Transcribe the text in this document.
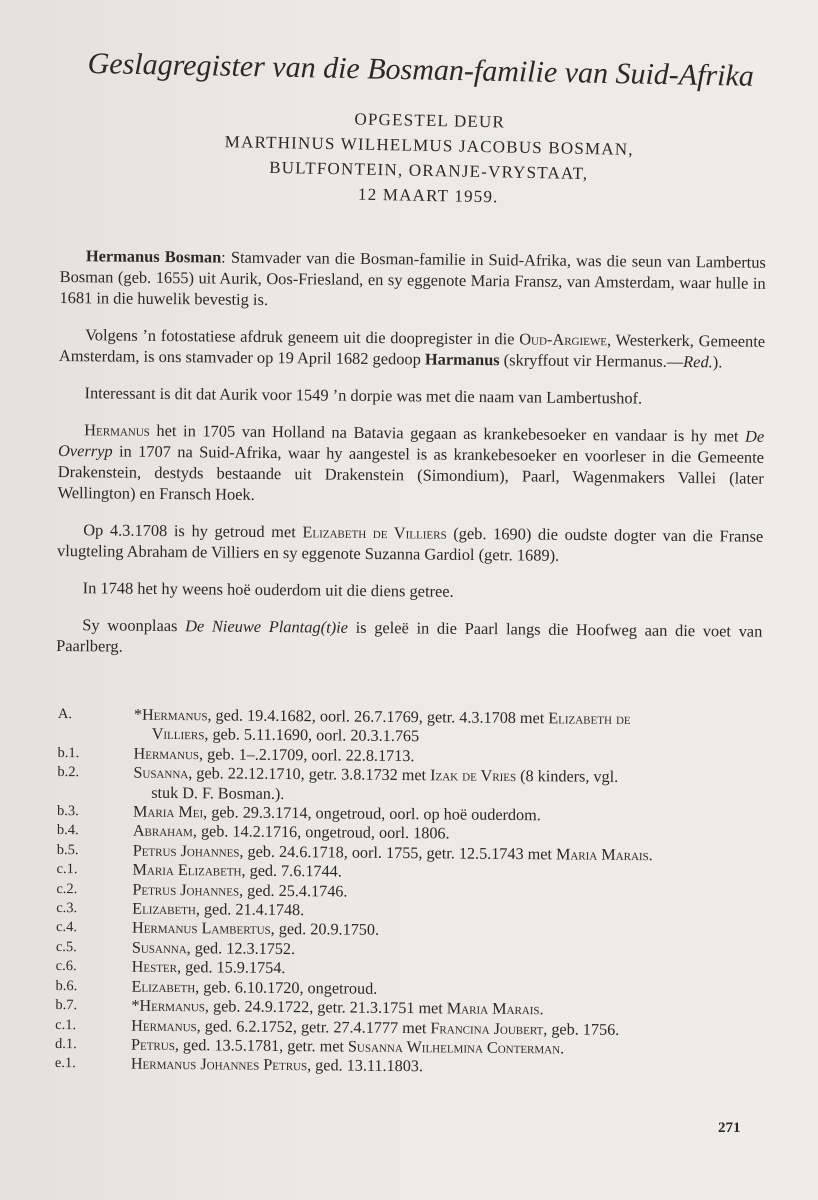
Geslagregister van die Bosman-familie van Suid-Afrika
OPGESTEL DEUR
MARTHINUS WILHELMUS JACOBUS BOSMAN,
BULTFONTEIN, ORANJE-VRYSTAAT,
12 MAART 1959.

Hermanus Bosman: Stamvader van die Bosman-familie in Suid-Afrika, was die seun van Lambertus Bosman (geb. 1655) uit Aurik, Oos-Friesland, en sy eggenote Maria Fransz, van Amsterdam, waar hulle in 1681 in die huwelik bevestig is.

Volgens ’n fotostatiese afdruk geneem uit die doopregister in die Oud-Argiewe, Westerkerk, Gemeente Amsterdam, is ons stamvader op 19 April 1682 gedoop Harmanus (skryffout vir Hermanus.—Red.).

Interessant is dit dat Aurik voor 1549 ’n dorpie was met die naam van Lambertushof.

Hermanus het in 1705 van Holland na Batavia gegaan as krankebesoeker en vandaar is hy met De Overryp in 1707 na Suid-Afrika, waar hy aangestel is as krankebesoeker en voorleser in die Gemeente Drakenstein, destyds bestaande uit Drakenstein (Simondium), Paarl, Wagenmakers Vallei (later Wellington) en Fransch Hoek.

Op 4.3.1708 is hy getroud met Elizabeth de Villiers (geb. 1690) die oudste dogter van die Franse vlugteling Abraham de Villiers en sy eggenote Suzanna Gardiol (getr. 1689).

In 1748 het hy weens hoë ouderdom uit die diens getree.

Sy woonplaas De Nieuwe Plantag(t)ie is geleë in die Paarl langs die Hoofweg aan die voet van Paarlberg.

A.	*Hermanus, ged. 19.4.1682, oorl. 26.7.1769, getr. 4.3.1708 met Elizabeth de
Villiers, geb. 5.11.1690, oorl. 20.3.1.765
b.1.	Hermanus, geb. 1–.2.1709, oorl. 22.8.1713.
b.2.	Susanna, geb. 22.12.1710, getr. 3.8.1732 met Izak de Vries (8 kinders, vgl.
stuk D. F. Bosman.).
b.3.	Maria Mei, geb. 29.3.1714, ongetroud, oorl. op hoë ouderdom.
b.4.	Abraham, geb. 14.2.1716, ongetroud, oorl. 1806.
b.5.	Petrus Johannes, geb. 24.6.1718, oorl. 1755, getr. 12.5.1743 met Maria Marais.
c.1.	Maria Elizabeth, ged. 7.6.1744.
c.2.	Petrus Johannes, ged. 25.4.1746.
c.3.	Elizabeth, ged. 21.4.1748.
c.4.	Hermanus Lambertus, ged. 20.9.1750.
c.5.	Susanna, ged. 12.3.1752.
c.6.	Hester, ged. 15.9.1754.
b.6.	Elizabeth, geb. 6.10.1720, ongetroud.
b.7.	*Hermanus, geb. 24.9.1722, getr. 21.3.1751 met Maria Marais.
c.1.	Hermanus, ged. 6.2.1752, getr. 27.4.1777 met Francina Joubert, geb. 1756.
d.1.	Petrus, ged. 13.5.1781, getr. met Susanna Wilhelmina Conterman.
e.1.	Hermanus Johannes Petrus, ged. 13.11.1803.
271
